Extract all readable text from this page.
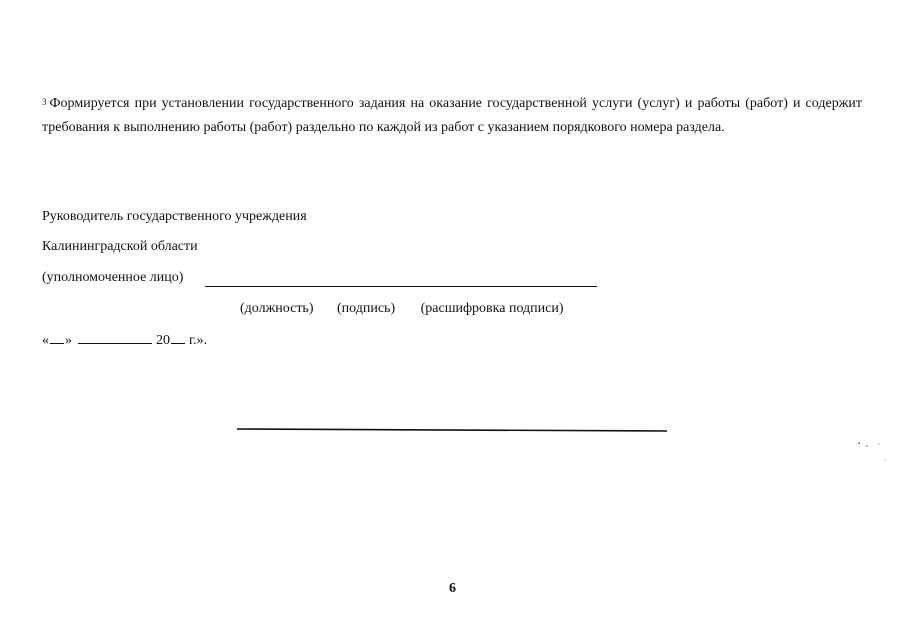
$^3$ Формируется при установлении государственного задания на оказание государственной услуги (услуг) и работы (работ) и содержит требования к выполнению работы (работ) раздельно по каждой из работ с указанием порядкового номера раздела.

Руководитель государственного учреждения
Калининградской области
(уполномоченное лицо)
(должность) (подпись) (расшифровка подписи)
« »	20 г.».
6
